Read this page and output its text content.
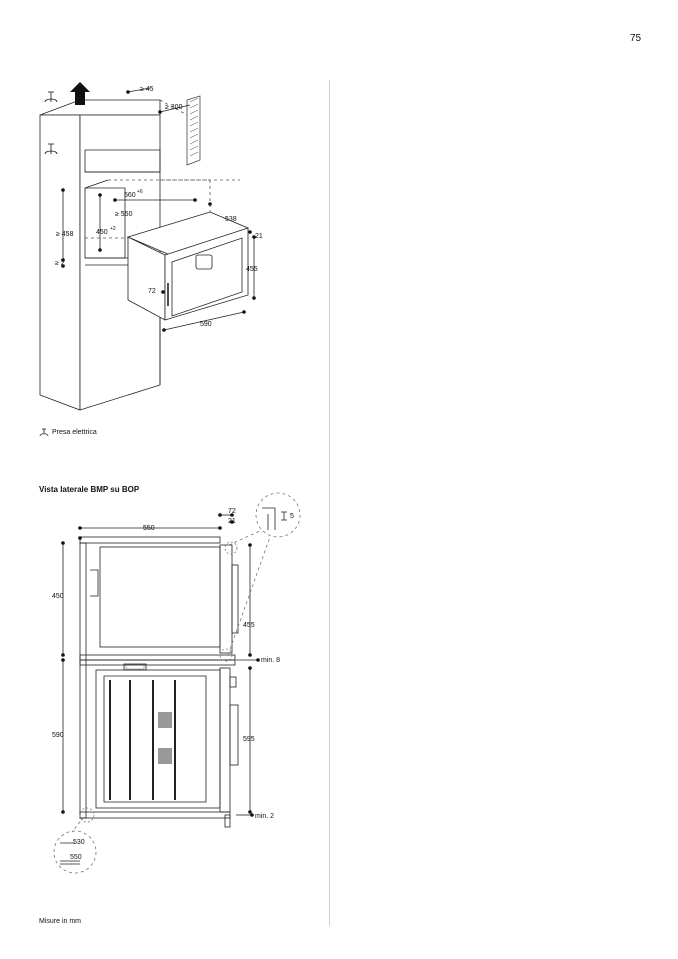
75
≥ 45
≥ 300
560 +6
≥ 550
450 +2
≥ 458
≥ 2
538
21
455
72
590
Presa elettrica
Vista laterale BMP su BOP
550
72
21
5
450
455
min. 8
590
595
min. 2
530
550
Misure in mm
